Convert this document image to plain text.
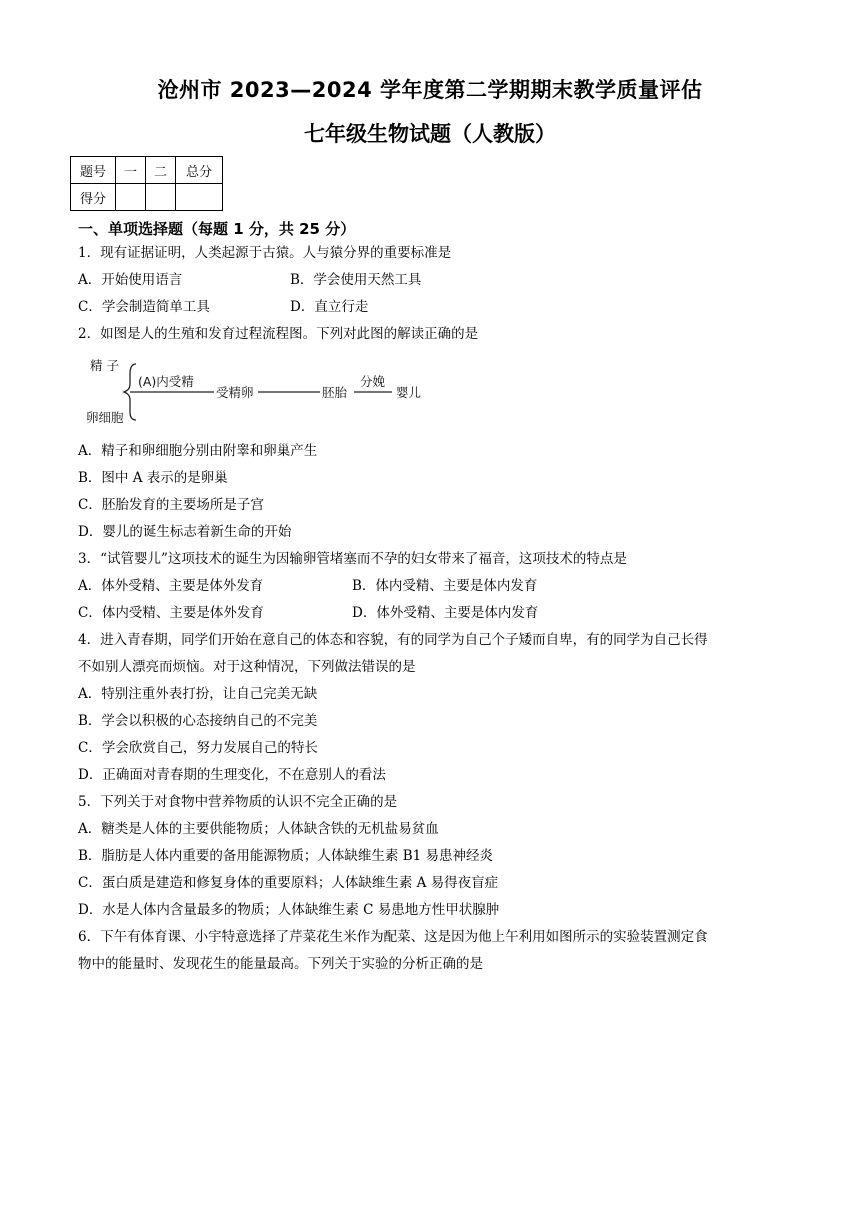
沧州市 2023—2024 学年度第二学期期末教学质量评估
七年级生物试题（人教版）
题号	一	二	总分
得分			
一、单项选择题（每题 1 分，共 25 分）
1．现有证据证明，人类起源于古猿。人与猿分界的重要标准是
A．开始使用语言	B．学会使用天然工具
C．学会制造简单工具	D．直立行走
2．如图是人的生殖和发育过程流程图。下列对此图的解读正确的是
精 子
卵细胞
(A)内受精
受精卵	胚胎
分娩
婴儿
A．精子和卵细胞分别由附睾和卵巢产生
B．图中 A 表示的是卵巢
C．胚胎发育的主要场所是子宫
D．婴儿的诞生标志着新生命的开始
3．“试管婴儿”这项技术的诞生为因输卵管堵塞而不孕的妇女带来了福音，这项技术的特点是
A．体外受精、主要是体外发育	B．体内受精、主要是体内发育
C．体内受精、主要是体外发育	D．体外受精、主要是体内发育
4．进入青春期，同学们开始在意自己的体态和容貌，有的同学为自己个子矮而自卑，有的同学为自己长得
不如别人漂亮而烦恼。对于这种情况，下列做法错误的是
A．特别注重外表打扮，让自己完美无缺
B．学会以积极的心态接纳自己的不完美
C．学会欣赏自己，努力发展自己的特长
D．正确面对青春期的生理变化，不在意别人的看法
5．下列关于对食物中营养物质的认识不完全正确的是
A．糖类是人体的主要供能物质；人体缺含铁的无机盐易贫血
B．脂肪是人体内重要的备用能源物质；人体缺维生素 B1 易患神经炎
C．蛋白质是建造和修复身体的重要原料；人体缺维生素 A 易得夜盲症
D．水是人体内含量最多的物质；人体缺维生素 C 易患地方性甲状腺肿
6．下午有体育课、小宇特意选择了芹菜花生米作为配菜、这是因为他上午利用如图所示的实验装置测定食
物中的能量时、发现花生的能量最高。下列关于实验的分析正确的是
